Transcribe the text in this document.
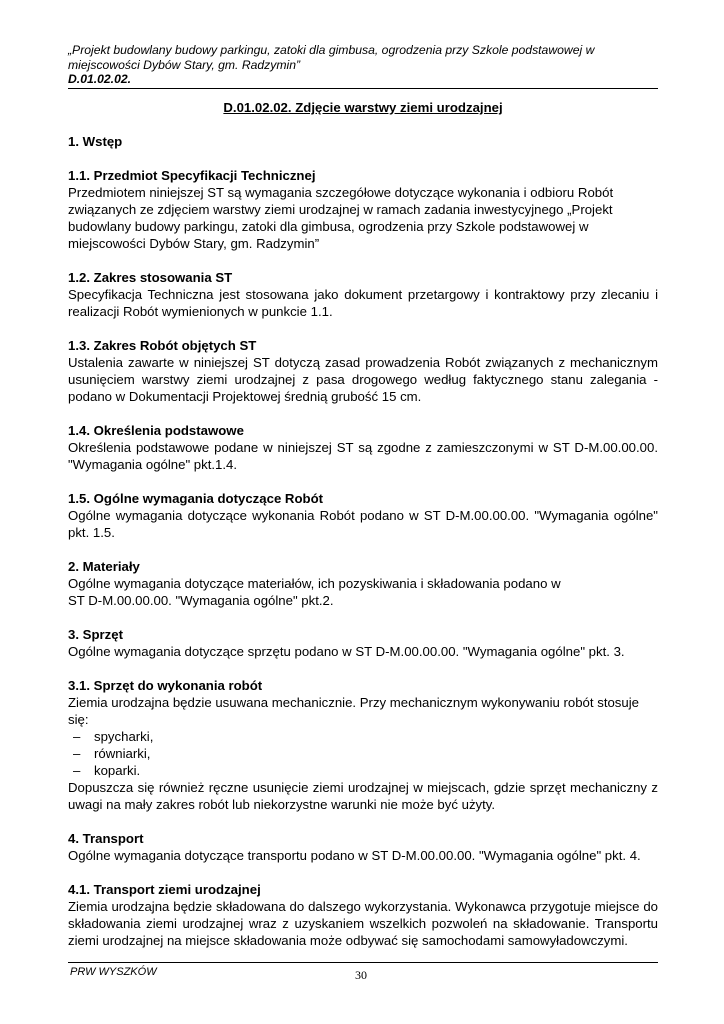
„Projekt budowlany budowy parkingu, zatoki dla gimbusa, ogrodzenia przy Szkole podstawowej w
miejscowości Dybów Stary, gm. Radzymin”
D.01.02.02.
D.01.02.02. Zdjęcie warstwy ziemi urodzajnej
1. Wstęp
1.1. Przedmiot Specyfikacji Technicznej

Przedmiotem niniejszej ST są wymagania szczegółowe dotyczące wykonania i odbioru Robót związanych ze zdjęciem warstwy ziemi urodzajnej w ramach zadania inwestycyjnego „Projekt budowlany budowy parkingu, zatoki dla gimbusa, ogrodzenia przy Szkole podstawowej w miejscowości Dybów Stary, gm. Radzymin”

1.2. Zakres stosowania ST

Specyfikacja Techniczna jest stosowana jako dokument przetargowy i kontraktowy przy zlecaniu i realizacji Robót wymienionych w punkcie 1.1.

1.3. Zakres Robót objętych ST

Ustalenia zawarte w niniejszej ST dotyczą zasad prowadzenia Robót związanych z mechanicznym usunięciem warstwy ziemi urodzajnej z pasa drogowego według faktycznego stanu zalegania - podano w Dokumentacji Projektowej średnią grubość 15 cm.

1.4. Określenia podstawowe

Określenia podstawowe podane w niniejszej ST są zgodne z zamieszczonymi w ST D-M.00.00.00. "Wymagania ogólne" pkt.1.4.

1.5. Ogólne wymagania dotyczące Robót

Ogólne wymagania dotyczące wykonania Robót podano w ST D-M.00.00.00. "Wymagania ogólne" pkt. 1.5.

2. Materiały

Ogólne wymagania dotyczące materiałów, ich pozyskiwania i składowania podano w

ST D-M.00.00.00. "Wymagania ogólne" pkt.2.

3. Sprzęt

Ogólne wymagania dotyczące sprzętu podano w ST D-M.00.00.00. "Wymagania ogólne" pkt. 3.

3.1. Sprzęt do wykonania robót

Ziemia urodzajna będzie usuwana mechanicznie. Przy mechanicznym wykonywaniu robót stosuje się:

– spycharki,
– równiarki,
– koparki.

Dopuszcza się również ręczne usunięcie ziemi urodzajnej w miejscach, gdzie sprzęt mechaniczny z uwagi na mały zakres robót lub niekorzystne warunki nie może być użyty.

4. Transport

Ogólne wymagania dotyczące transportu podano w ST D-M.00.00.00. "Wymagania ogólne" pkt. 4.

4.1. Transport ziemi urodzajnej

Ziemia urodzajna będzie składowana do dalszego wykorzystania. Wykonawca przygotuje miejsce do składowania ziemi urodzajnej wraz z uzyskaniem wszelkich pozwoleń na składowanie. Transportu ziemi urodzajnej na miejsce składowania może odbywać się samochodami samowyładowczymi.

PRW WYSZKÓW	30
